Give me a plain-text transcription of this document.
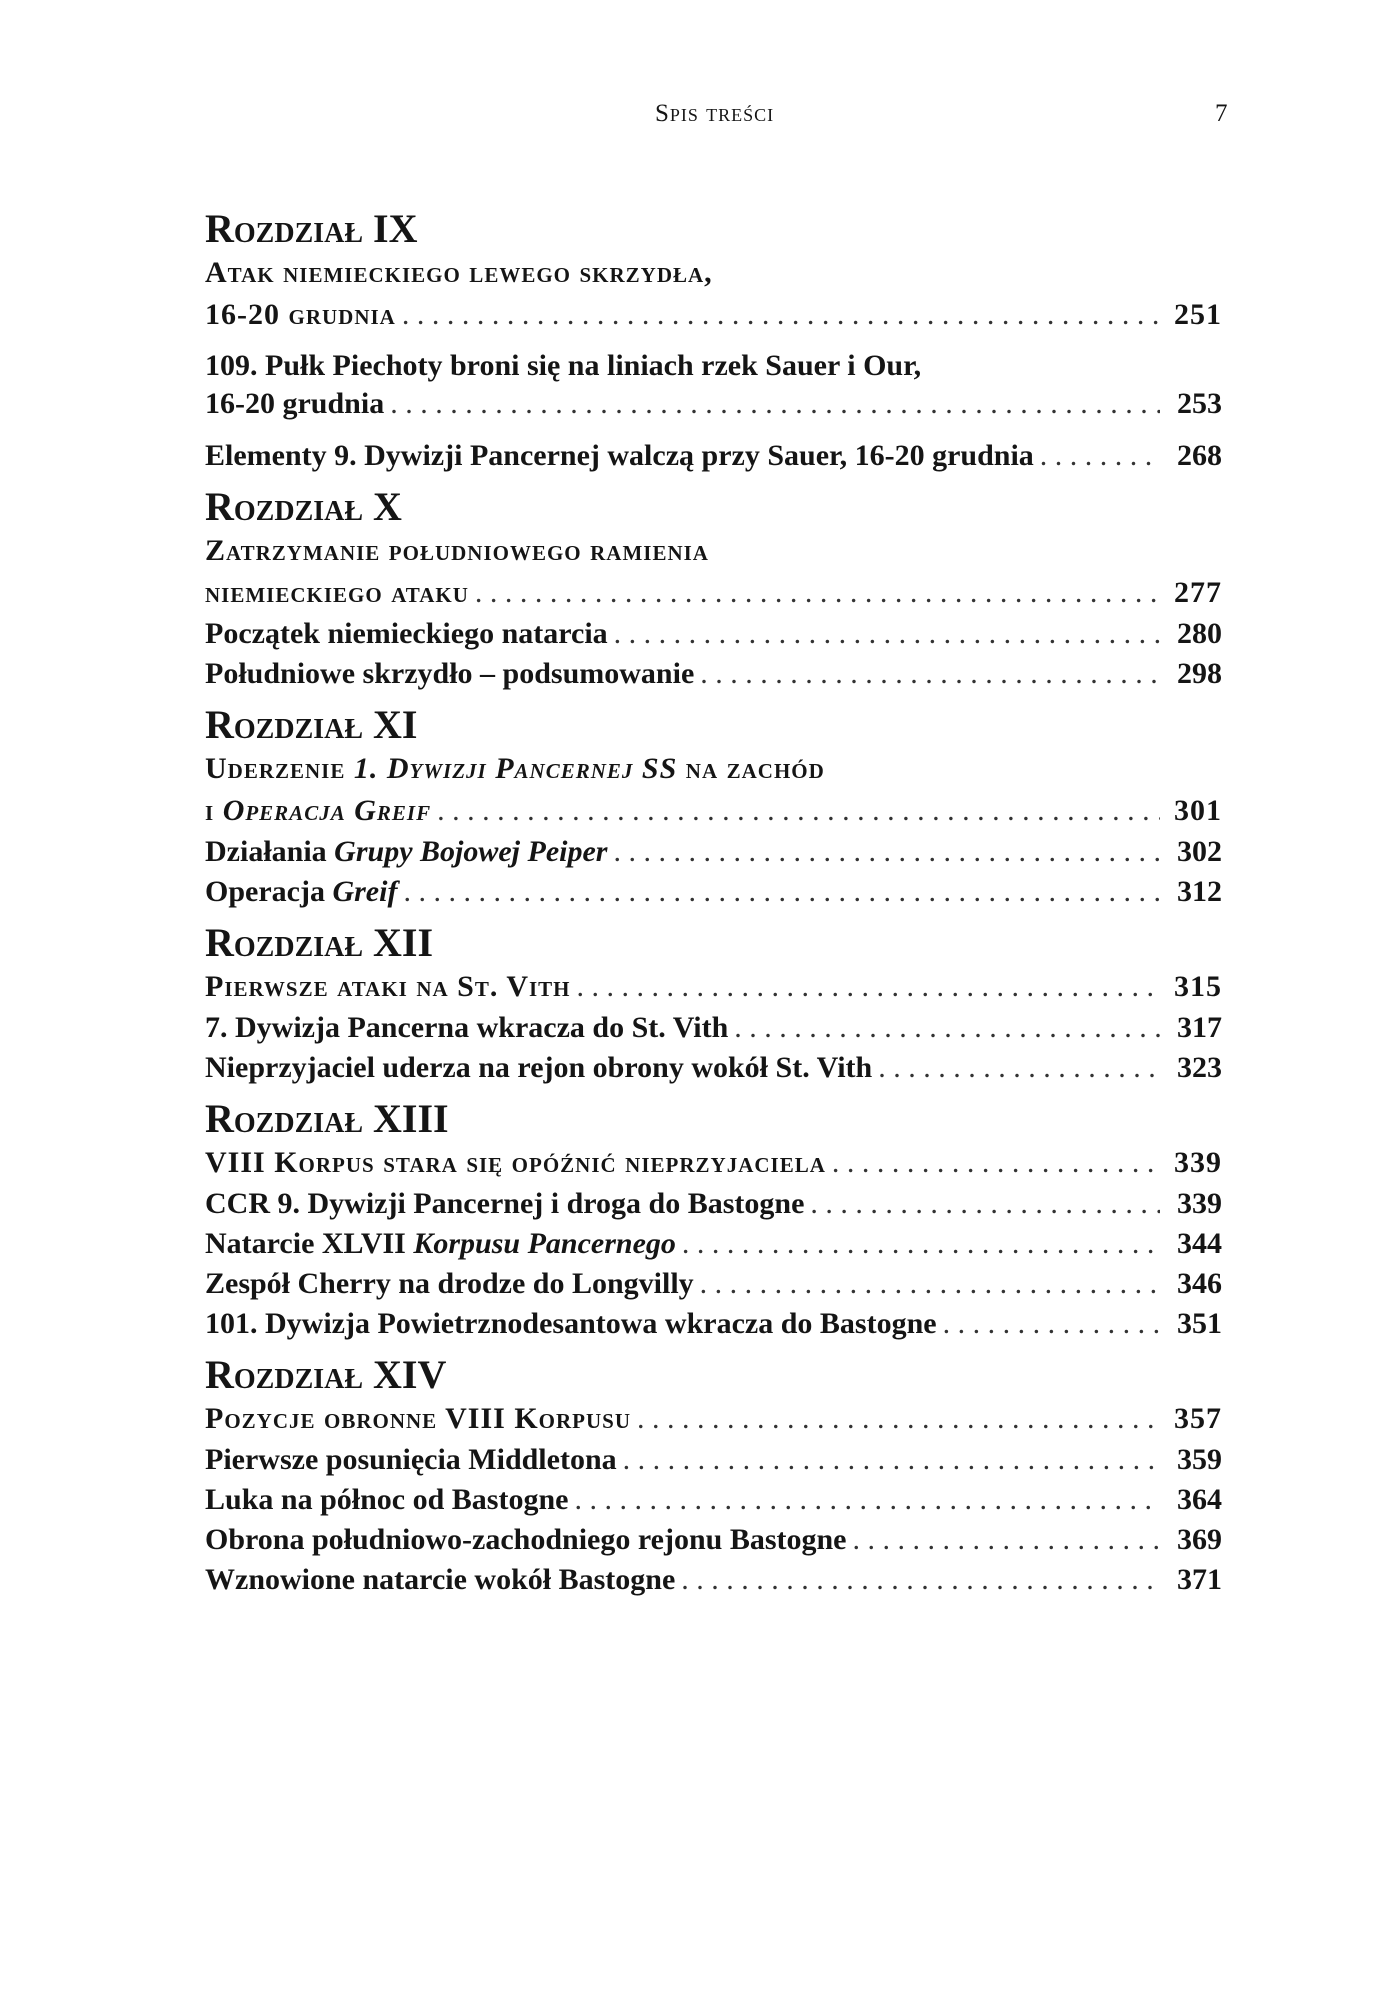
Spis treści	7
Rozdział IX
Atak niemieckiego lewego skrzydła,
16-20 grudnia . . .	251
109. Pułk Piechoty broni się na liniach rzek Sauer i Our,
16-20 grudnia . . .	253
Elementy 9. Dywizji Pancernej walczą przy Sauer, 16-20 grudnia . . .	268
Rozdział X
Zatrzymanie południowego ramienia
niemieckiego ataku . . .	277
Początek niemieckiego natarcia . . .	280
Południowe skrzydło – podsumowanie . . .	298
Rozdział XI
Uderzenie 1. Dywizji Pancernej SS na zachód
i Operacja Greif . . .	301
Działania Grupy Bojowej Peiper . . .	302
Operacja Greif . . .	312
Rozdział XII
Pierwsze ataki na St. Vith . . .	315
7. Dywizja Pancerna wkracza do St. Vith . . .	317
Nieprzyjaciel uderza na rejon obrony wokół St. Vith . . .	323
Rozdział XIII
VIII Korpus stara się opóźnić nieprzyjaciela . . .	339
CCR 9. Dywizji Pancernej i droga do Bastogne . . .	339
Natarcie XLVII Korpusu Pancernego . . .	344
Zespół Cherry na drodze do Longvilly . . .	346
101. Dywizja Powietrznodesantowa wkracza do Bastogne . . .	351
Rozdział XIV
Pozycje obronne VIII Korpusu . . .	357
Pierwsze posunięcia Middletona . . .	359
Luka na północ od Bastogne . . .	364
Obrona południowo-zachodniego rejonu Bastogne . . .	369
Wznowione natarcie wokół Bastogne . . .	371
